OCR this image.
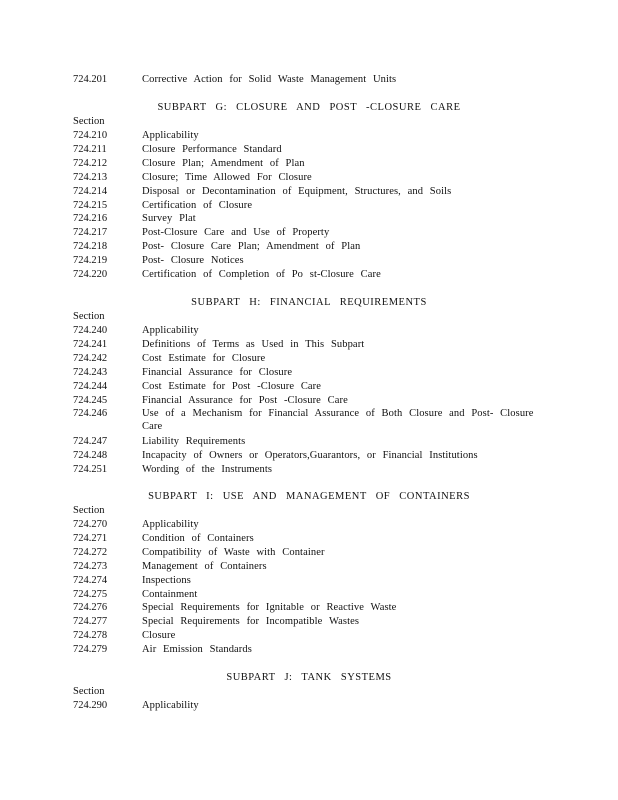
724.201	Corrective Action for Solid Waste Management Units
SUBPART G: CLOSURE AND POST -CLOSURE CARE
Section
SUBPART H: FINANCIAL REQUIREMENTS
Section
SUBPART I: USE AND MANAGEMENT OF CONTAINERS
Section
SUBPART J: TANK SYSTEMS
Section
724.210	Applicability
724.211	Closure Performance Standard
724.212	Closure Plan; Amendment of Plan
724.213	Closure; Time Allowed For Closure
724.214	Disposal or Decontamination of Equipment, Structures, and Soils
724.215	Certification of Closure
724.216	Survey Plat
724.217	Post-Closure Care and Use of Property
724.218	Post- Closure Care Plan; Amendment of Plan
724.219	Post- Closure Notices
724.220	Certification of Completion of Po st-Closure Care
724.240	Applicability
724.241	Definitions of Terms as Used in This Subpart
724.242	Cost Estimate for Closure
724.243	Financial Assurance for Closure
724.244	Cost Estimate for Post -Closure Care
724.245	Financial Assurance for Post -Closure Care
724.246	Use of a Mechanism for Financial Assurance of Both Closure and Post- Closure Care
724.247	Liability Requirements
724.248	Incapacity of Owners or Operators,Guarantors, or Financial Institutions
724.251	Wording of the Instruments
724.270	Applicability
724.271	Condition of Containers
724.272	Compatibility of Waste with Container
724.273	Management of Containers
724.274	Inspections
724.275	Containment
724.276	Special Requirements for Ignitable or Reactive Waste
724.277	Special Requirements for Incompatible Wastes
724.278	Closure
724.279	Air Emission Standards
724.290	Applicability
